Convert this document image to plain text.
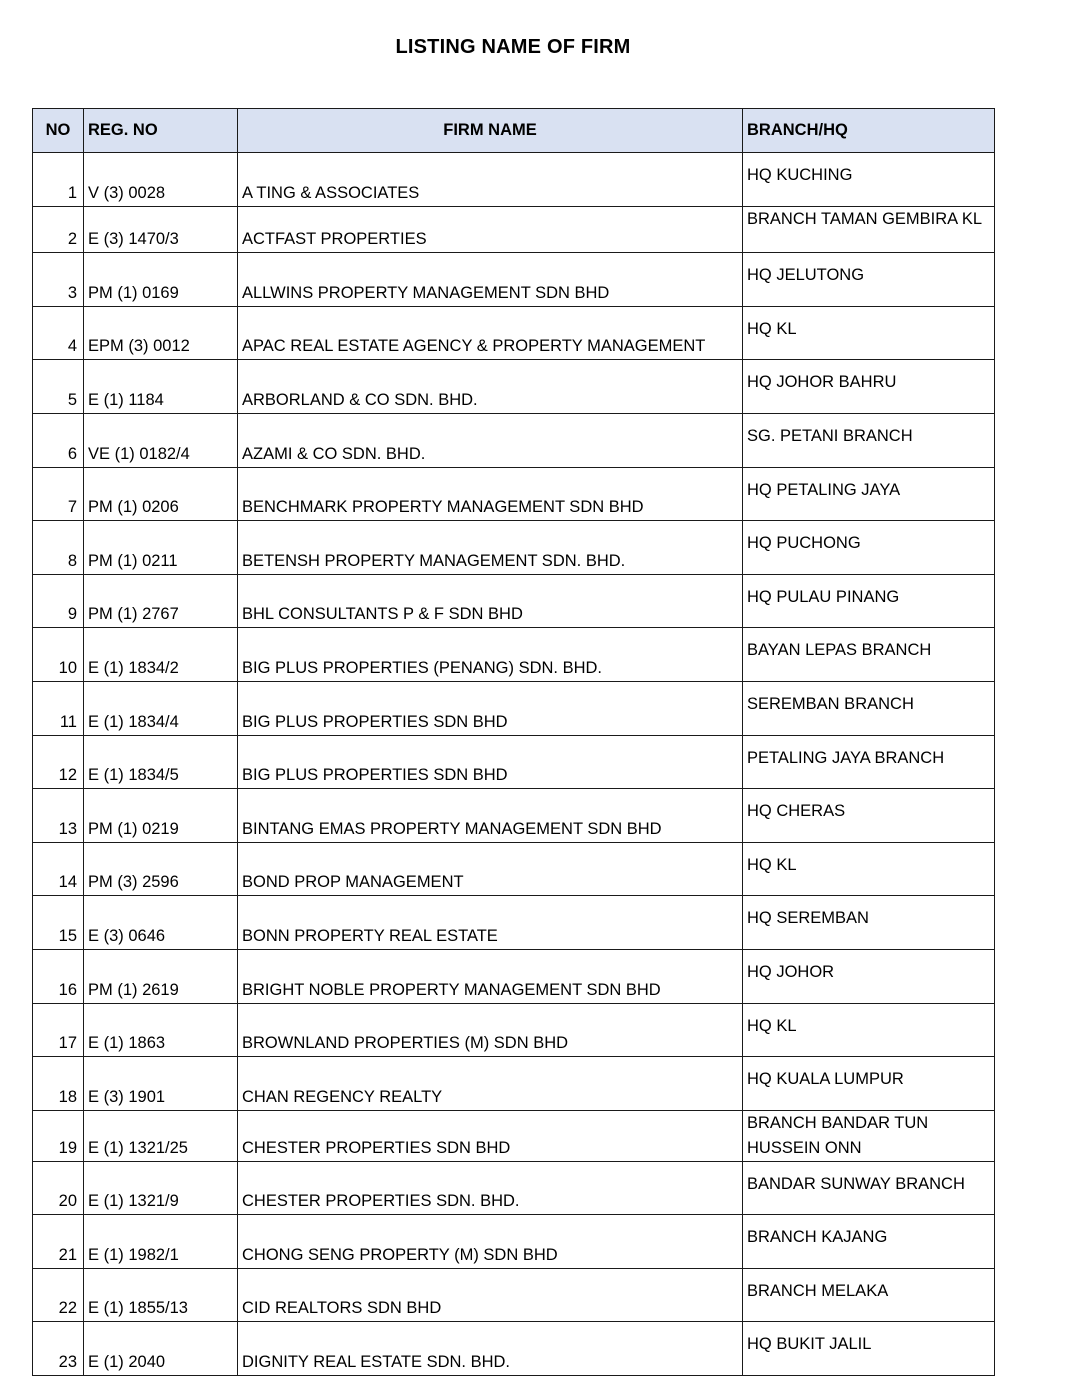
LISTING NAME OF FIRM
NO	REG. NO	FIRM NAME	BRANCH/HQ
1	V (3) 0028	A TING & ASSOCIATES	HQ KUCHING
2	E (3) 1470/3	ACTFAST PROPERTIES	BRANCH TAMAN GEMBIRA KL
3	PM (1) 0169	ALLWINS PROPERTY MANAGEMENT SDN BHD	HQ JELUTONG
4	EPM (3) 0012	APAC REAL ESTATE AGENCY & PROPERTY MANAGEMENT	HQ KL
5	E (1) 1184	ARBORLAND & CO SDN. BHD.	HQ JOHOR BAHRU
6	VE (1) 0182/4	AZAMI & CO SDN. BHD.	SG. PETANI BRANCH
7	PM (1) 0206	BENCHMARK PROPERTY MANAGEMENT SDN BHD	HQ PETALING JAYA
8	PM (1) 0211	BETENSH PROPERTY MANAGEMENT SDN. BHD.	HQ PUCHONG
9	PM (1) 2767	BHL CONSULTANTS P & F SDN BHD	HQ PULAU PINANG
10	E (1) 1834/2	BIG PLUS PROPERTIES (PENANG) SDN. BHD.	BAYAN LEPAS BRANCH
11	E (1) 1834/4	BIG PLUS PROPERTIES SDN BHD	SEREMBAN BRANCH
12	E (1) 1834/5	BIG PLUS PROPERTIES SDN BHD	PETALING JAYA BRANCH
13	PM (1) 0219	BINTANG EMAS PROPERTY MANAGEMENT SDN BHD	HQ CHERAS
14	PM (3) 2596	BOND PROP MANAGEMENT	HQ KL
15	E (3) 0646	BONN PROPERTY REAL ESTATE	HQ SEREMBAN
16	PM (1) 2619	BRIGHT NOBLE PROPERTY MANAGEMENT SDN BHD	HQ JOHOR
17	E (1) 1863	BROWNLAND PROPERTIES (M) SDN BHD	HQ KL
18	E (3) 1901	CHAN REGENCY REALTY	HQ KUALA LUMPUR
19	E (1) 1321/25	CHESTER PROPERTIES SDN BHD	BRANCH BANDAR TUN HUSSEIN ONN
20	E (1) 1321/9	CHESTER PROPERTIES SDN. BHD.	BANDAR SUNWAY BRANCH
21	E (1) 1982/1	CHONG SENG PROPERTY (M) SDN BHD	BRANCH KAJANG
22	E (1) 1855/13	CID REALTORS SDN BHD	BRANCH MELAKA
23	E (1) 2040	DIGNITY REAL ESTATE SDN. BHD.	HQ BUKIT JALIL
